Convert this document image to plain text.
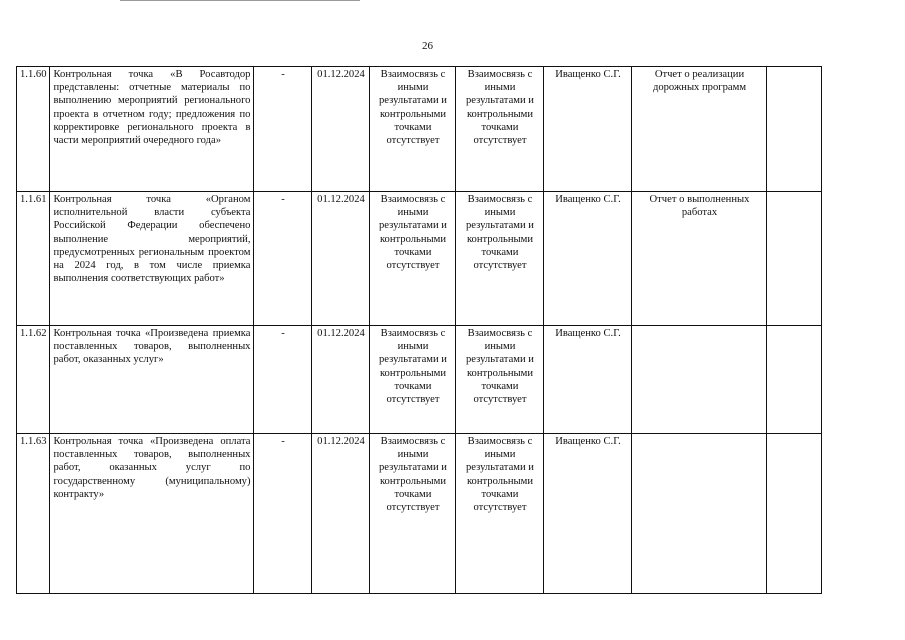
26
1.1.60	Контрольная точка «В Росавтодор представлены: отчетные материалы по выполнению мероприятий регионального проекта в отчетном году; предложения по корректировке регионального проекта в части мероприятий очередного года»	-	01.12.2024	Взаимосвязь с иными результатами и контрольными точками отсутствует	Взаимосвязь с иными результатами и контрольными точками отсутствует	Иващенко С.Г.	Отчет о реализации дорожных программ	
1.1.61	Контрольная точка «Органом исполнительной власти субъекта Российской Федерации обеспечено выполнение мероприятий, предусмотренных региональным проектом на 2024 год, в том числе приемка выполнения соответствующих работ»	-	01.12.2024	Взаимосвязь с иными результатами и контрольными точками отсутствует	Взаимосвязь с иными результатами и контрольными точками отсутствует	Иващенко С.Г.	Отчет о выполненных работах	
1.1.62	Контрольная точка «Произведена приемка поставленных товаров, выполненных работ, оказанных услуг»	-	01.12.2024	Взаимосвязь с иными результатами и контрольными точками отсутствует	Взаимосвязь с иными результатами и контрольными точками отсутствует	Иващенко С.Г.		
1.1.63	Контрольная точка «Произведена оплата поставленных товаров, выполненных работ, оказанных услуг по государственному (муниципальному) контракту»	-	01.12.2024	Взаимосвязь с иными результатами и контрольными точками отсутствует	Взаимосвязь с иными результатами и контрольными точками отсутствует	Иващенко С.Г.		
